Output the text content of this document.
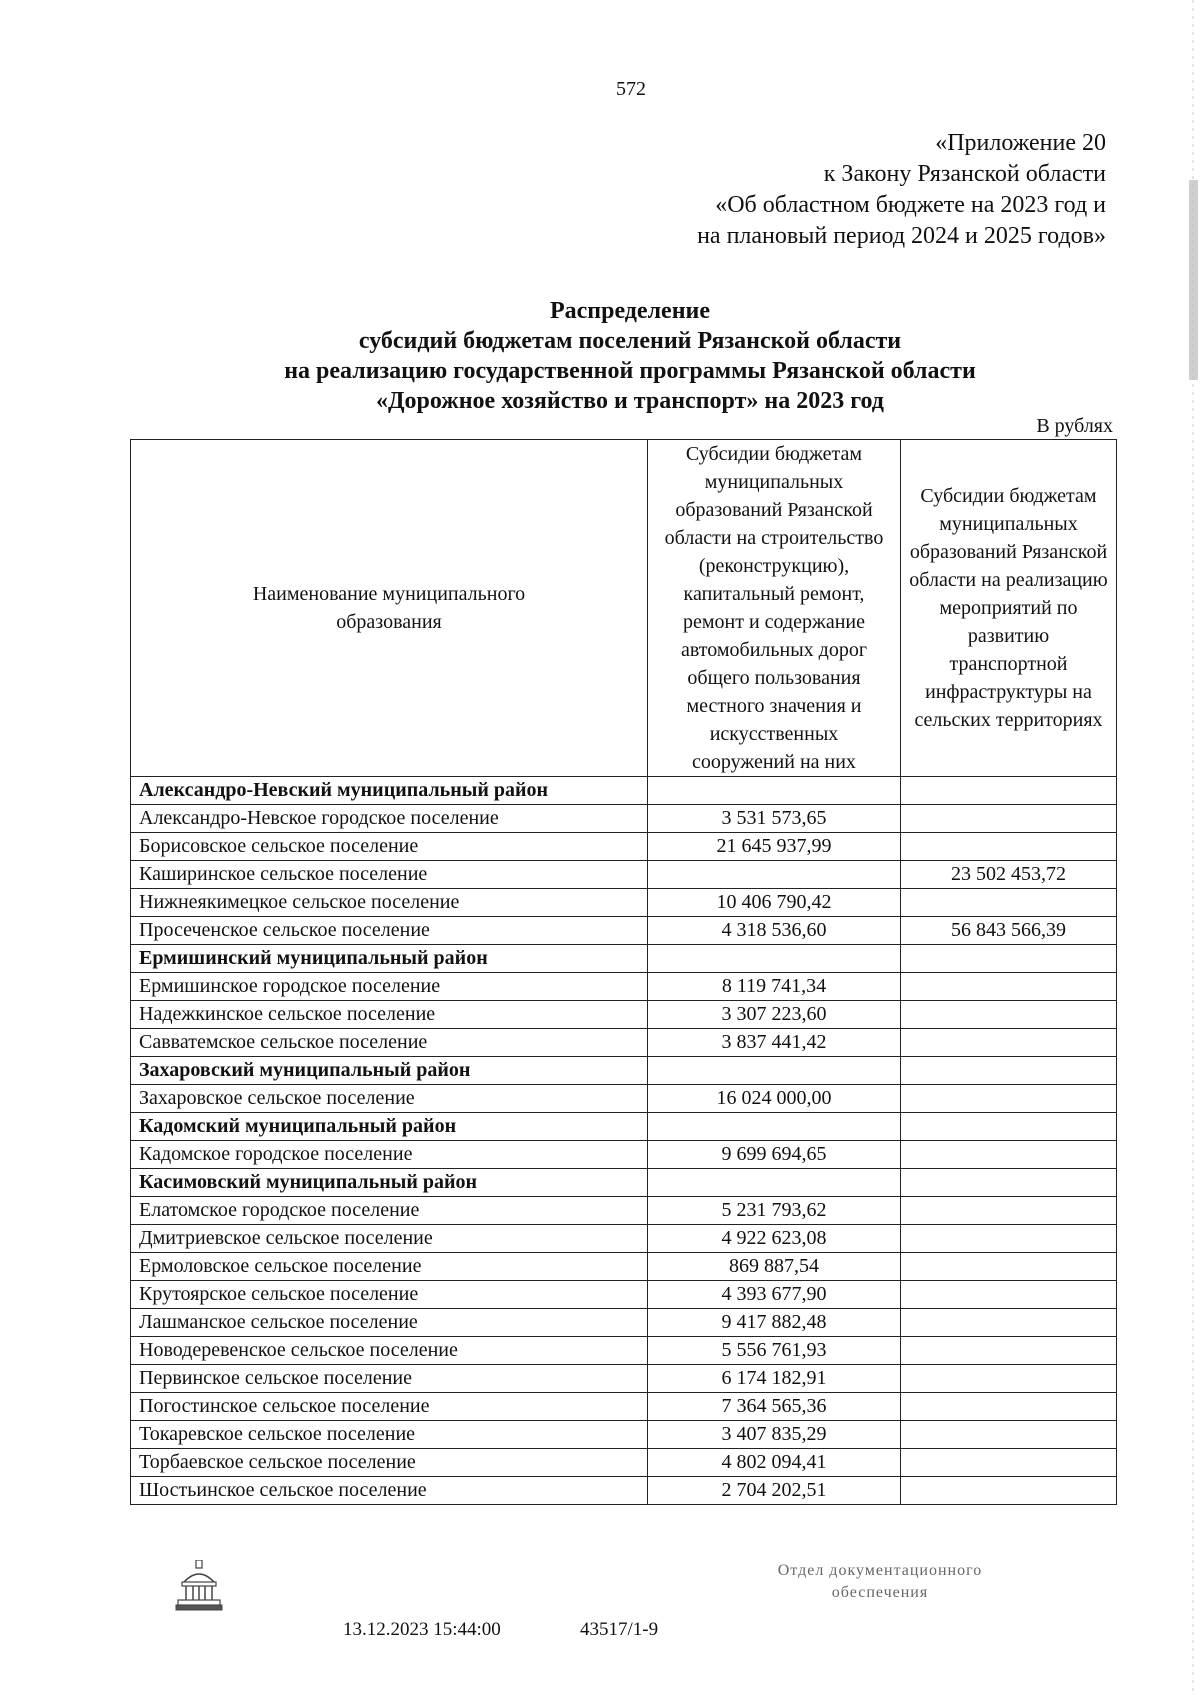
572
«Приложение 20
к Закону Рязанской области
«Об областном бюджете на 2023 год и
на плановый период 2024 и 2025 годов»
Распределение
субсидий бюджетам поселений Рязанской области
на реализацию государственной программы Рязанской области
«Дорожное хозяйство и транспорт» на 2023 год
В рублях
Наименование муниципального образования	Субсидии бюджетам муниципальных образований Рязанской области на строительство (реконструкцию), капитальный ремонт, ремонт и содержание автомобильных дорог общего пользования местного значения и искусственных сооружений на них	Субсидии бюджетам муниципальных образований Рязанской области на реализацию мероприятий по развитию транспортной инфраструктуры на сельских территориях
Александро-Невский муниципальный район		
Александро-Невское городское поселение	3 531 573,65	
Борисовское сельское поселение	21 645 937,99	
Каширинское сельское поселение		23 502 453,72
Нижнеякимецкое сельское поселение	10 406 790,42	
Просеченское сельское поселение	4 318 536,60	56 843 566,39
Ермишинский муниципальный район		
Ермишинское городское поселение	8 119 741,34	
Надежкинское сельское поселение	3 307 223,60	
Савватемское сельское поселение	3 837 441,42	
Захаровский муниципальный район		
Захаровское сельское поселение	16 024 000,00	
Кадомский муниципальный район		
Кадомское городское поселение	9 699 694,65	
Касимовский муниципальный район		
Елатомское городское поселение	5 231 793,62	
Дмитриевское сельское поселение	4 922 623,08	
Ермоловское сельское поселение	869 887,54	
Крутоярское сельское поселение	4 393 677,90	
Лашманское сельское поселение	9 417 882,48	
Новодеревенское сельское поселение	5 556 761,93	
Первинское сельское поселение	6 174 182,91	
Погостинское сельское поселение	7 364 565,36	
Токаревское сельское поселение	3 407 835,29	
Торбаевское сельское поселение	4 802 094,41	
Шостьинское сельское поселение	2 704 202,51	
13.12.2023 15:44:00	43517/1-9
Отдел документационного
обеспечения
